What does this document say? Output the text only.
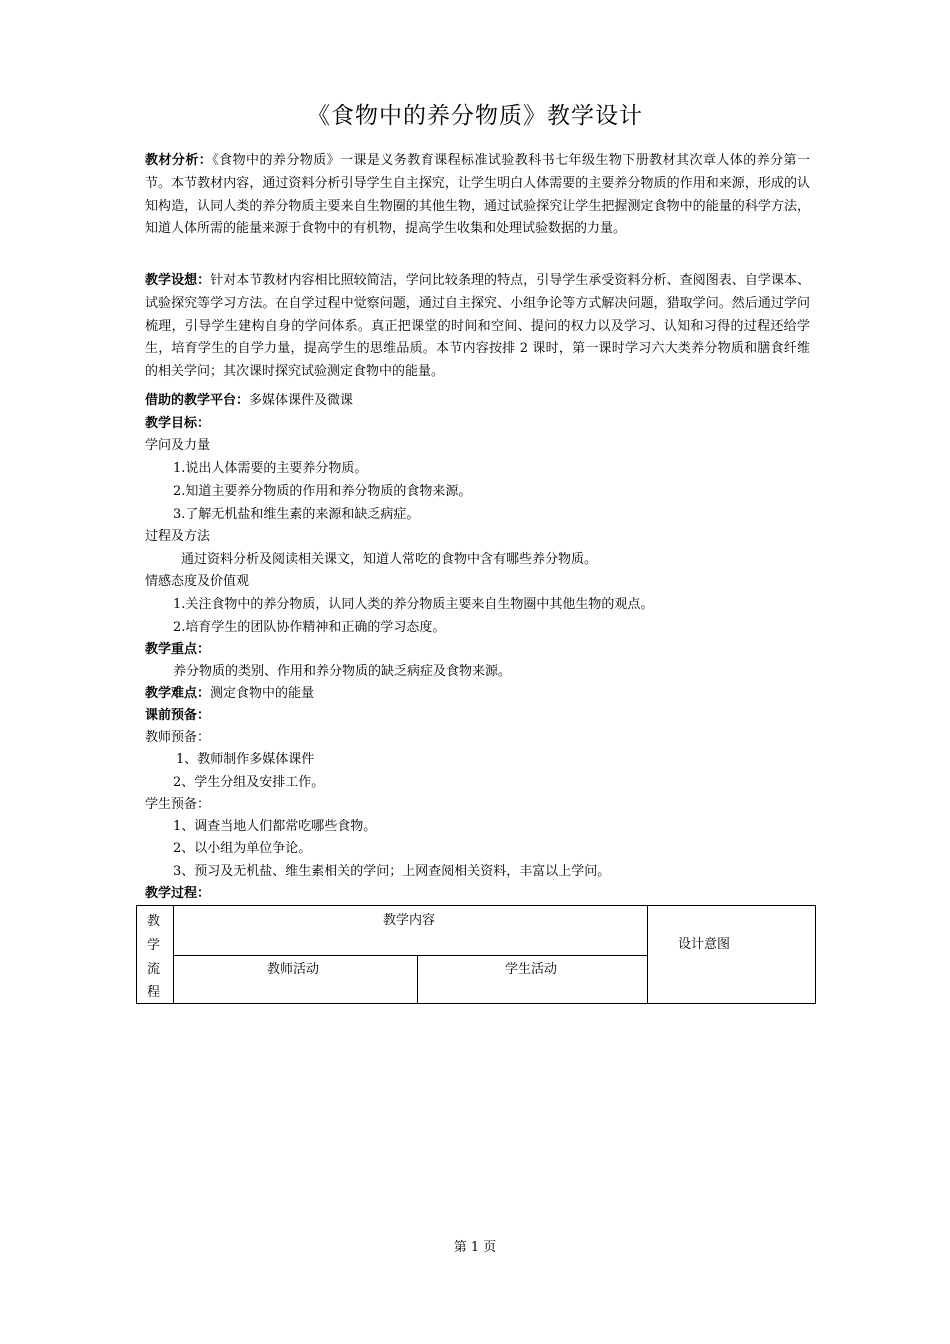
《食物中的养分物质》教学设计
教材分析：《食物中的养分物质》一课是义务教育课程标准试验教科书七年级生物下册教材其次章人体的养分第一节。本节教材内容，通过资料分析引导学生自主探究，让学生明白人体需要的主要养分物质的作用和来源，形成的认知构造，认同人类的养分物质主要来自生物圈的其他生物，通过试验探究让学生把握测定食物中的能量的科学方法，知道人体所需的能量来源于食物中的有机物，提高学生收集和处理试验数据的力量。
教学设想：针对本节教材内容相比照较简洁，学问比较条理的特点，引导学生承受资料分析、查阅图表、自学课本、试验探究等学习方法。在自学过程中觉察问题，通过自主探究、小组争论等方式解决问题，猎取学问。然后通过学问梳理，引导学生建构自身的学问体系。真正把课堂的时间和空间、提问的权力以及学习、认知和习得的过程还给学生，培育学生的自学力量，提高学生的思维品质。本节内容按排 2 课时，第一课时学习六大类养分物质和膳食纤维的相关学问；其次课时探究试验测定食物中的能量。
借助的教学平台：多媒体课件及微课
教学目标：
学问及力量
1.说出人体需要的主要养分物质。
2.知道主要养分物质的作用和养分物质的食物来源。
3.了解无机盐和维生素的来源和缺乏病症。
过程及方法
通过资料分析及阅读相关课文，知道人常吃的食物中含有哪些养分物质。
情感态度及价值观
1.关注食物中的养分物质，认同人类的养分物质主要来自生物圈中其他生物的观点。
2.培育学生的团队协作精神和正确的学习态度。
教学重点：
养分物质的类别、作用和养分物质的缺乏病症及食物来源。
教学难点：测定食物中的能量
课前预备：
教师预备：
1、教师制作多媒体课件
2、学生分组及安排工作。
学生预备：
1、调查当地人们都常吃哪些食物。
2、以小组为单位争论。
3、预习及无机盐、维生素相关的学问；上网查阅相关资料，丰富以上学问。
教学过程：
教
学
流
程
教学内容
教师活动	学生活动
设计意图
第 1 页
